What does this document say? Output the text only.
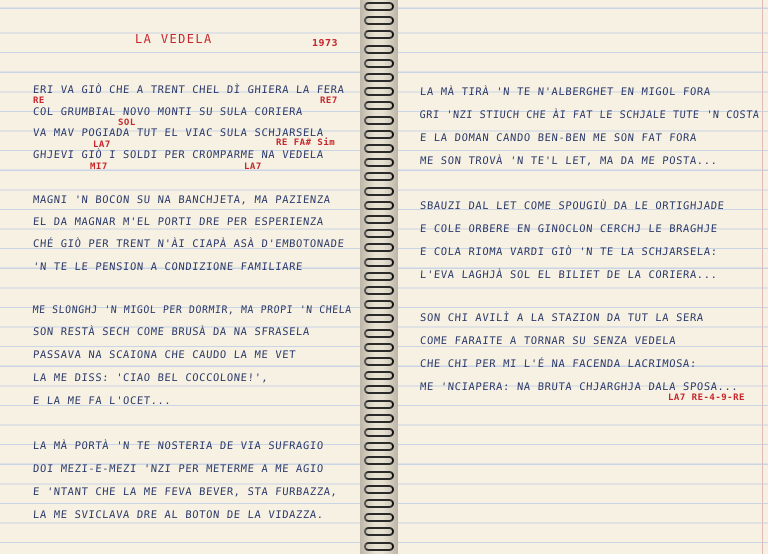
LA VEDELA	1973
ERI VA GIÒ CHE A TRENT CHEL DÌ GHIERA LA FERA
RE	RE7
COL GRUMBIAL NOVO MONTI SU SULA CORIERA
SOL
VA MAV POGIADA TUT EL VIAC SULA SCHJARSELA
LA7	RE FA# Sim
GHJEVI GIÒ I SOLDI PER CROMPARME NA VEDELA
MI7	LA7
MAGNI 'N BOCON SU NA BANCHJETA, MA PAZIENZA
EL DA MAGNAR M'EL PORTI DRE PER ESPERIENZA
CHÉ GIÒ PER TRENT N'ÀI CIAPÀ ASÀ D'EMBOTONADE
'N TE LE PENSION A CONDIZIONE FAMILIARE
ME SLONGHJ 'N MIGOL PER DORMIR, MA PROPI 'N CHELA
SON RESTÀ SECH COME BRUSÀ DA NA SFRASELA
PASSAVA NA SCAIONA CHE CAUDO LA ME VET
LA ME DISS: 'CIAO BEL COCCOLONE!',
E LA ME FA L'OCET...
LA MÀ PORTÀ 'N TE NOSTERIA DE VIA SUFRAGIO
DOI MEZI-E-MEZI 'NZI PER METERME A ME AGIO
E 'NTANT CHE LA ME FEVA BEVER, STA FURBAZZA,
LA ME SVICLAVA DRE AL BOTON DE LA VIDAZZA.
LA MÀ TIRÀ 'N TE N'ALBERGHET EN MIGOL FORA
GRI 'NZI STIUCH CHE ÀI FAT LE SCHJALE TUTE 'N COSTA
E LA DOMAN CANDO BEN-BEN ME SON FAT FORA
ME SON TROVÀ 'N TE'L LET, MA DA ME POSTA...
SBAUZI DAL LET COME SPOUGIÙ DA LE ORTIGHJADE
E COLE ORBERE EN GINOCLON CERCHJ LE BRAGHJE
E COLA RIOMA VARDI GIÒ 'N TE LA SCHJARSELA:
L'EVA LAGHJÀ SOL EL BILIET DE LA CORIERA...
SON CHI AVILÌ A LA STAZION DA TUT LA SERA
COME FARAITE A TORNAR SU SENZA VEDELA
CHE CHI PER MI L'É NA FACENDA LACRIMOSA:
ME 'NCIAPERA: NA BRUTA CHJARGHJA DALA SPOSA...
LA7 RE-4-9-RE
